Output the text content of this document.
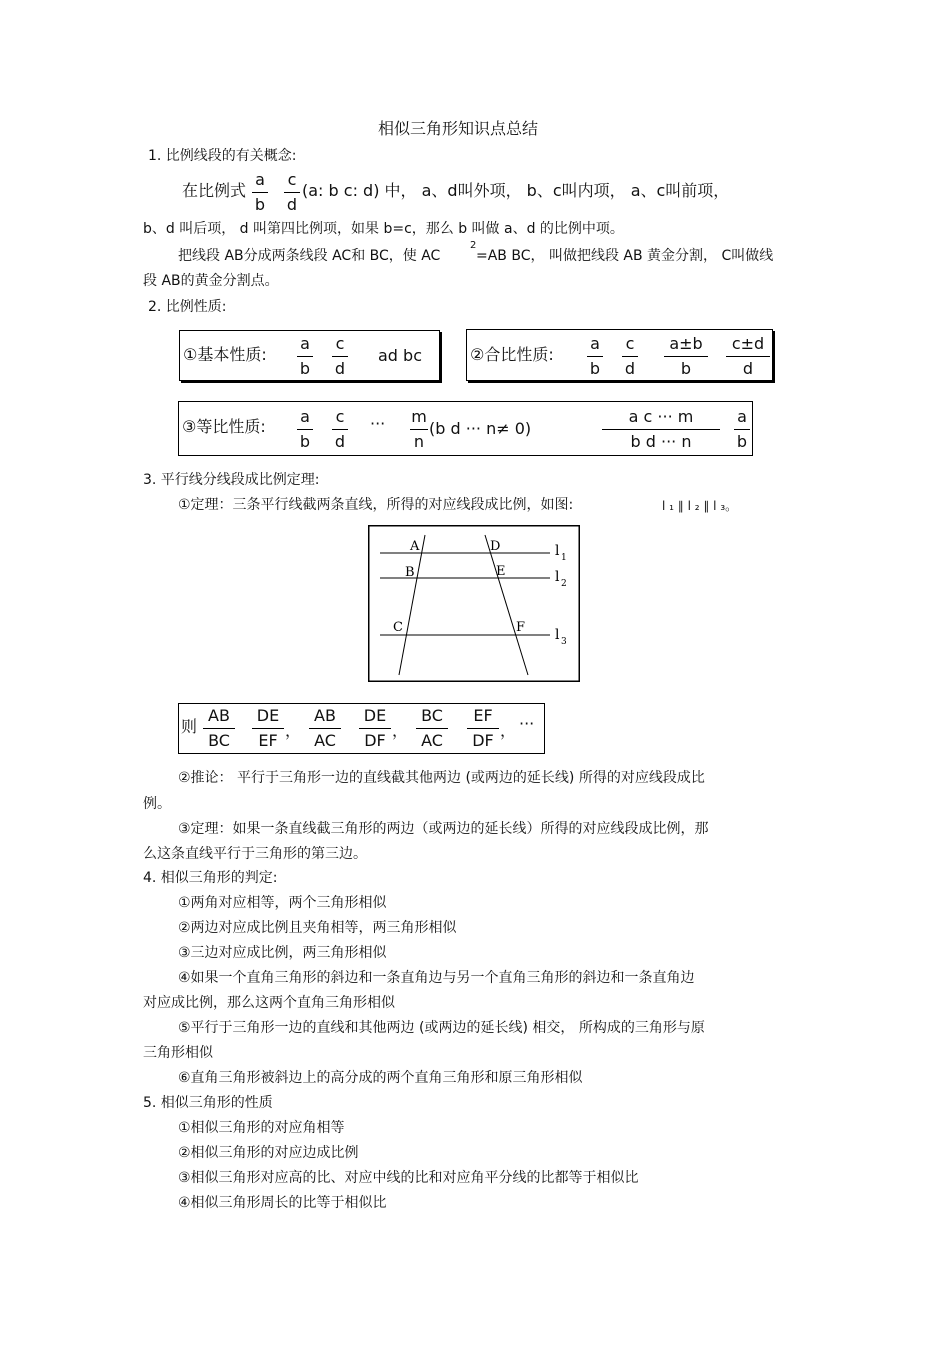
相似三角形知识点总结
1. 比例线段的有关概念:
在比例式
a
b
c
d
(a: b c: d) 中， a、d叫外项， b、c叫内项， a、c叫前项，
b、d 叫后项， d 叫第四比例项，如果 b=c，那么 b 叫做 a、d 的比例中项。
把线段 AB分成两条线段 AC和 BC，使 AC
2
=AB BC， 叫做把线段 AB 黄金分割， C叫做线
段 AB的黄金分割点。
2. 比例性质:
①基本性质:
a
b
c
d
ad bc	②合比性质:
a
b
c
d
a±b
b
c±d
d
③等比性质:
a
b
c
d
··· m
n
(b d ··· n≠ 0)
a c ··· m
b d ··· n
a
b
3. 平行线分线段成比例定理:
①定理：三条平行线截两条直线，所得的对应线段成比例，如图:	l ₁ ∥ l ₂ ∥ l ₃。
A
B
C
D
E
F
l 1
l 2
l 3
则
AB
BC
DE
EF
，
AB
AC
DE
DF
，
BC
AC
EF
DF
， ···
②推论： 平行于三角形一边的直线截其他两边 (或两边的延长线) 所得的对应线段成比
例。
③定理：如果一条直线截三角形的两边（或两边的延长线）所得的对应线段成比例，那
么这条直线平行于三角形的第三边。
4. 相似三角形的判定:
①两角对应相等，两个三角形相似
②两边对应成比例且夹角相等，两三角形相似
③三边对应成比例，两三角形相似
④如果一个直角三角形的斜边和一条直角边与另一个直角三角形的斜边和一条直角边
对应成比例，那么这两个直角三角形相似
⑤平行于三角形一边的直线和其他两边 (或两边的延长线) 相交， 所构成的三角形与原
三角形相似
⑥直角三角形被斜边上的高分成的两个直角三角形和原三角形相似
5. 相似三角形的性质
①相似三角形的对应角相等
②相似三角形的对应边成比例
③相似三角形对应高的比、对应中线的比和对应角平分线的比都等于相似比
④相似三角形周长的比等于相似比
